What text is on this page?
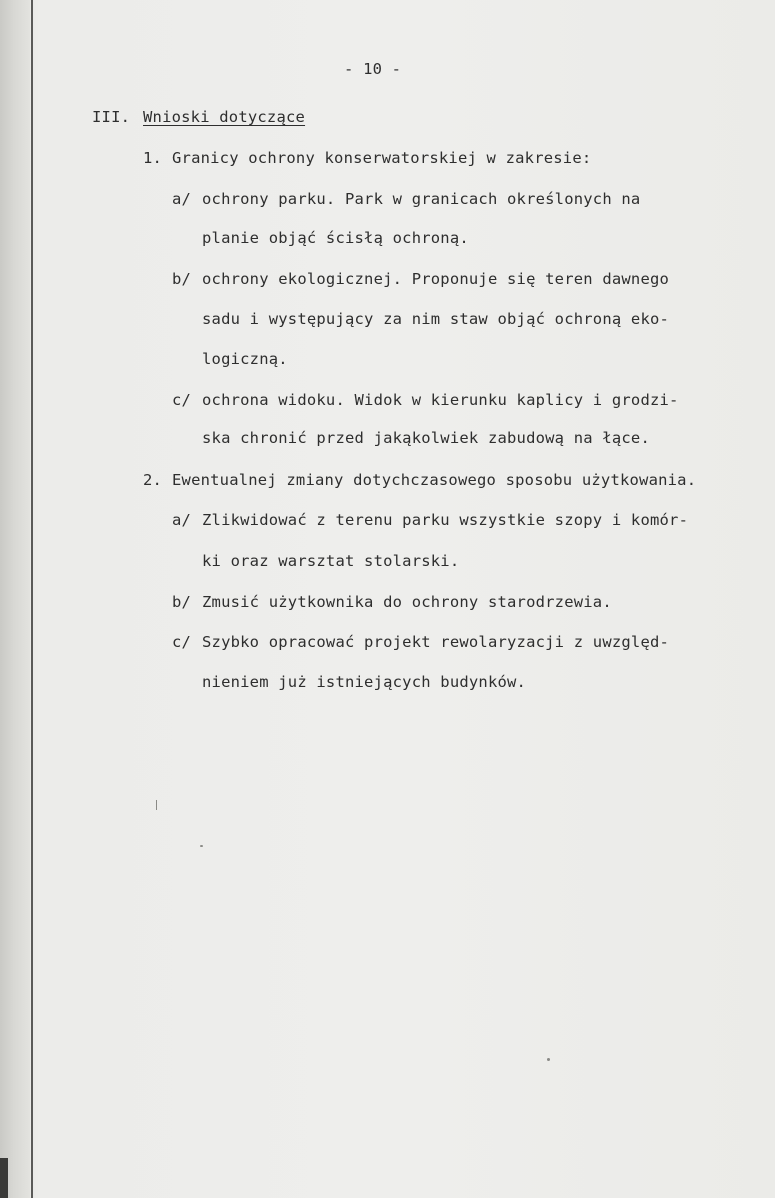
- 10 -
III. Wnioski dotyczące
1. Granicy ochrony konserwatorskiej w zakresie:
a/ ochrony parku. Park w granicach określonych na
planie objąć ścisłą ochroną.
b/ ochrony ekologicznej. Proponuje się teren dawnego
sadu i występujący za nim staw objąć ochroną eko-
logiczną.
c/ ochrona widoku. Widok w kierunku kaplicy i grodzi-
ska chronić przed jakąkolwiek zabudową na łące.
2. Ewentualnej zmiany dotychczasowego sposobu użytkowania.
a/ Zlikwidować z terenu parku wszystkie szopy i komór-
ki oraz warsztat stolarski.
b/ Zmusić użytkownika do ochrony starodrzewia.
c/ Szybko opracować projekt rewolaryzacji z uwzględ-
nieniem już istniejących budynków.
